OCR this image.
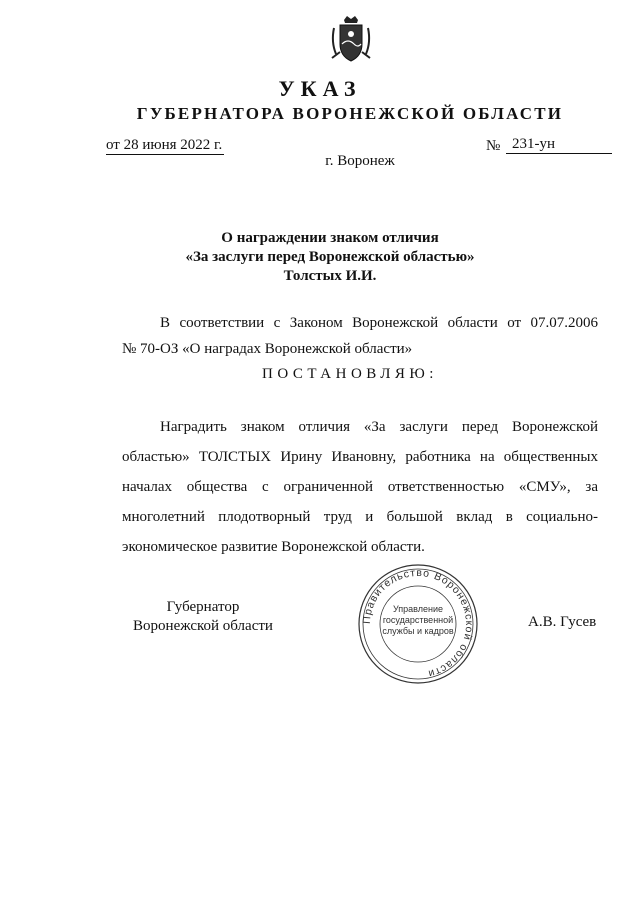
УКАЗ
ГУБЕРНАТОРА ВОРОНЕЖСКОЙ ОБЛАСТИ
от 28 июня 2022 г.	№ 231-ун
г. Воронеж
О награждении знаком отличия
«За заслуги перед Воронежской областью»
Толстых И.И.
В соответствии с Законом Воронежской области от 07.07.2006
№ 70-ОЗ «О наградах Воронежской области»
ПОСТАНОВЛЯЮ:
Наградить знаком отличия «За заслуги перед Воронежской
областью» ТОЛСТЫХ Ирину Ивановну, работника на общественных
началах общества с ограниченной ответственностью «СМУ», за
многолетний плодотворный труд и большой вклад в социально-
экономическое развитие Воронежской области.
Губернатор
Воронежской области	Правительство Воронежской области
Управление
государственной
службы и кадров
А.В. Гусев
